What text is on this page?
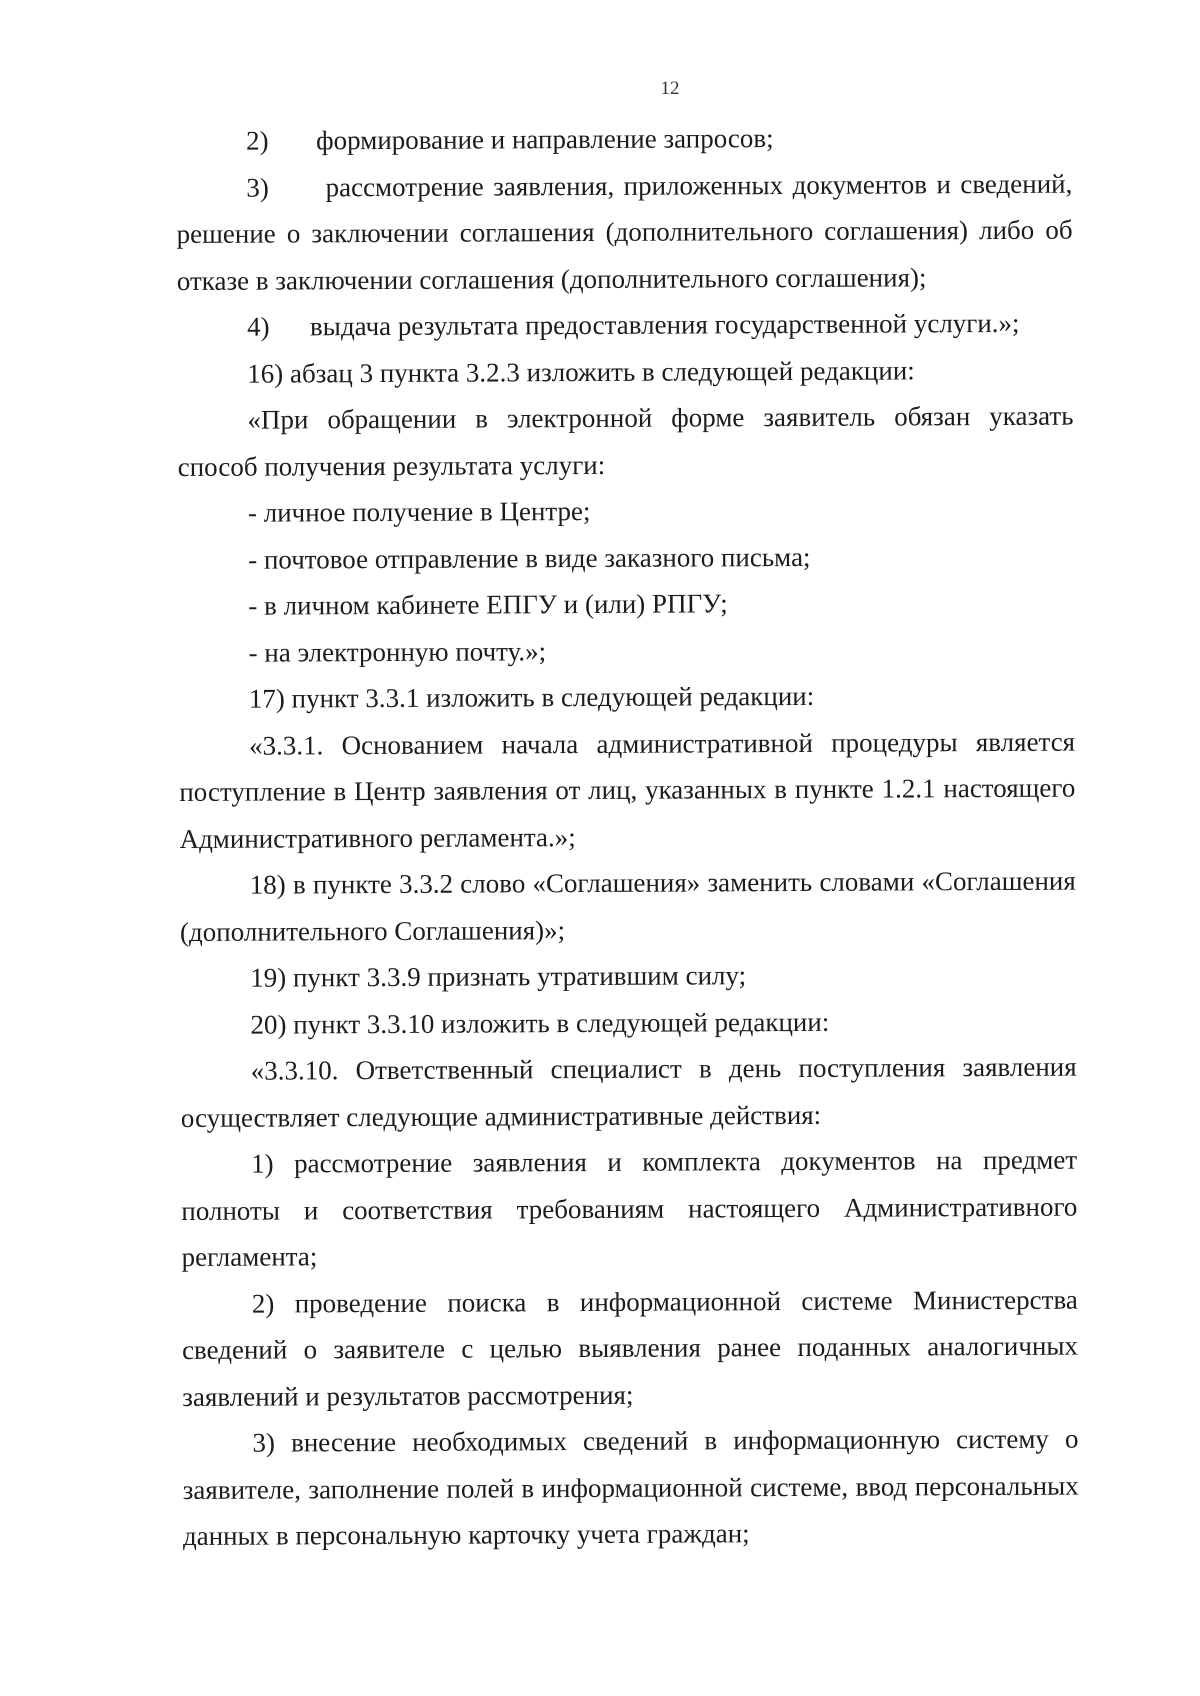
12

2) формирование и направление запросов;

3)      рассмотрение заявления, приложенных документов и сведений, решение о заключении соглашения (дополнительного соглашения) либо об отказе в заключении соглашения (дополнительного соглашения);

4)      выдача результата предоставления государственной услуги.»;

16) абзац 3 пункта 3.2.3 изложить в следующей редакции:

«При обращении в электронной форме заявитель обязан указать способ получения результата услуги:

- личное получение в Центре;

- почтовое отправление в виде заказного письма;

- в личном кабинете ЕПГУ и (или) РПГУ;

- на электронную почту.»;

17) пункт 3.3.1 изложить в следующей редакции:

«3.3.1. Основанием начала административной процедуры является поступление в Центр заявления от лиц, указанных в пункте 1.2.1 настоящего Административного регламента.»;

18) в пункте 3.3.2 слово «Соглашения» заменить словами «Соглашения (дополнительного Соглашения)»;

19) пункт 3.3.9 признать утратившим силу;

20) пункт 3.3.10 изложить в следующей редакции:

«3.3.10. Ответственный специалист в день поступления заявления осуществляет следующие административные действия:

1) рассмотрение заявления и комплекта документов на предмет полноты и соответствия требованиям настоящего Административного регламента;

2) проведение поиска в информационной системе Министерства сведений о заявителе с целью выявления ранее поданных аналогичных заявлений и результатов рассмотрения;

3) внесение необходимых сведений в информационную систему о заявителе, заполнение полей в информационной системе, ввод персональных данных в персональную карточку учета граждан;
